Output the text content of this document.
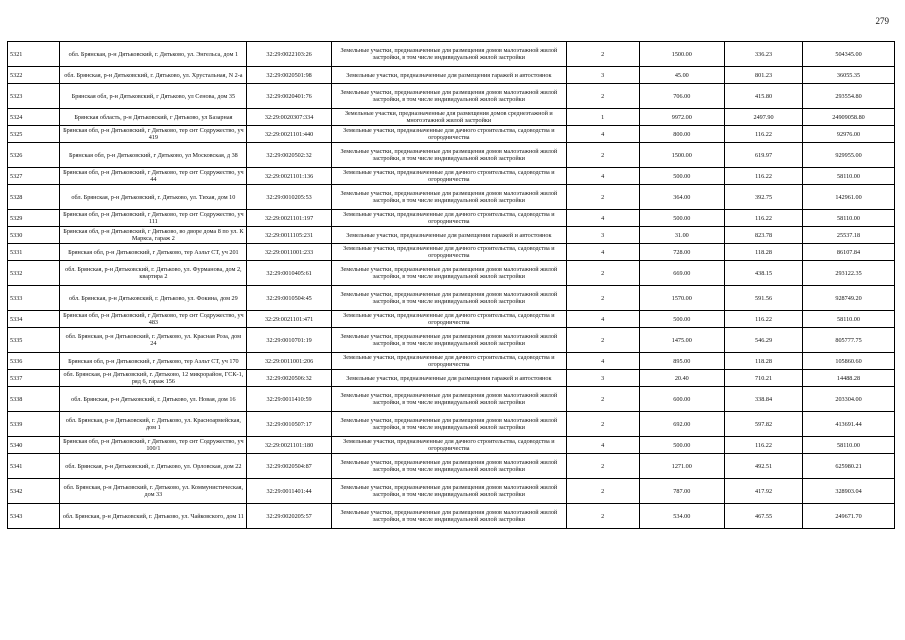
279
5321	обл. Брянская, р-н Дятьковский, г. Дятьково, ул. Энгельса, дом 1	32:29:0022103:26	Земельные участки, предназначенные для размещения домов малоэтажной жилой застройки, в том числе индивидуальной жилой застройки	2	1500.00	336.23	504345.00
5322	обл. Брянская, р-н Дятьковский, г. Дятьково, ул. Хрустальная, N 2-а	32:29:0020501:98	Земельные участки, предназначенные для размещения гаражей и автостоянок	3	45.00	801.23	36055.35
5323	Брянская обл, р-н Дятьковский, г Дятьково, ул Сенова, дом 35	32:29:0020401:76	Земельные участки, предназначенные для размещения домов малоэтажной жилой застройки, в том числе индивидуальной жилой застройки	2	706.00	415.80	293554.80
5324	Брянская область, р-н Дятьковский, г Дятьково, ул Базарная	32:29:0020307:334	Земельные участки, предназначенные для размещения домов среднеэтажной и многоэтажной жилой застройки	1	9972.00	2497.90	24909058.80
5325	Брянская обл, р-н Дятьковский, г Дятьково, тер снт Содружество, уч 419	32:29:0021101:440	Земельные участки, предназначенные для дачного строительства, садоводства и огородничества	4	800.00	116.22	92976.00
5326	Брянская обл, р-н Дятьковский, г Дятьково, ул Московская, д 38	32:29:0020502:32	Земельные участки, предназначенные для размещения домов малоэтажной жилой застройки, в том числе индивидуальной жилой застройки	2	1500.00	619.97	929955.00
5327	Брянская обл, р-н Дятьковский, г Дятьково, тер снт Содружество, уч 44	32:29:0021101:136	Земельные участки, предназначенные для дачного строительства, садоводства и огородничества	4	500.00	116.22	58110.00
5328	обл. Брянская, р-н Дятьковский, г. Дятьково, ул. Тихая, дом 10	32:29:0010205:53	Земельные участки, предназначенные для размещения домов малоэтажной жилой застройки, в том числе индивидуальной жилой застройки	2	364.00	392.75	142961.00
5329	Брянская обл, р-н Дятьковский, г Дятьково, тер снт Содружество, уч 111	32:29:0021101:197	Земельные участки, предназначенные для дачного строительства, садоводства и огородничества	4	500.00	116.22	58110.00
5330	Брянская обл, р-н Дятьковский, г Дятьково, во дворе дома 8 по ул. К Маркса, гараж 2	32:29:0011105:231	Земельные участки, предназначенные для размещения гаражей и автостоянок	3	31.00	823.78	25537.18
5331	Брянская обл, р-н Дятьковский, г Дятьково, тер Аэльт СТ, уч 201	32:29:0011001:233	Земельные участки, предназначенные для дачного строительства, садоводства и огородничества	4	728.00	118.28	86107.84
5332	обл. Брянская, р-н Дятьковский, г. Дятьково, ул. Фурманова, дом 2, квартира 2	32:29:0010405:61	Земельные участки, предназначенные для размещения домов малоэтажной жилой застройки, в том числе индивидуальной жилой застройки	2	669.00	438.15	293122.35
5333	обл. Брянская, р-н Дятьковский, г. Дятьково, ул. Фокина, дом 29	32:29:0010504:45	Земельные участки, предназначенные для размещения домов малоэтажной жилой застройки, в том числе индивидуальной жилой застройки	2	1570.00	591.56	928749.20
5334	Брянская обл, р-н Дятьковский, г Дятьково, тер снт Содружество, уч 483	32:29:0021101:471	Земельные участки, предназначенные для дачного строительства, садоводства и огородничества	4	500.00	116.22	58110.00
5335	обл. Брянская, р-н Дятьковский, г. Дятьково, ул. Красная Роза, дом 24	32:29:0010701:19	Земельные участки, предназначенные для размещения домов малоэтажной жилой застройки, в том числе индивидуальной жилой застройки	2	1475.00	546.29	805777.75
5336	Брянская обл, р-н Дятьковский, г Дятьково, тер Аэльт СТ, уч 170	32:29:0011001:206	Земельные участки, предназначенные для дачного строительства, садоводства и огородничества	4	895.00	118.28	105860.60
5337	обл. Брянская, р-н Дятьковский, г. Дятьково, 12 микрорайон, ГСК-1, ряд 6, гараж 156	32:29:0020506:32	Земельные участки, предназначенные для размещения гаражей и автостоянок	3	20.40	710.21	14488.28
5338	обл. Брянская, р-н Дятьковский, г. Дятьково, ул. Новая, дом 16	32:29:0011410:59	Земельные участки, предназначенные для размещения домов малоэтажной жилой застройки, в том числе индивидуальной жилой застройки	2	600.00	338.84	203304.00
5339	обл. Брянская, р-н Дятьковский, г. Дятьково, ул. Красноармейская, дом 1	32:29:0010507:17	Земельные участки, предназначенные для размещения домов малоэтажной жилой застройки, в том числе индивидуальной жилой застройки	2	692.00	597.82	413691.44
5340	Брянская обл, р-н Дятьковский, г Дятьково, тер снт Содружество, уч 100/1	32:29:0021101:180	Земельные участки, предназначенные для дачного строительства, садоводства и огородничества	4	500.00	116.22	58110.00
5341	обл. Брянская, р-н Дятьковский, г. Дятьково, ул. Орловская, дом 22	32:29:0020504:87	Земельные участки, предназначенные для размещения домов малоэтажной жилой застройки, в том числе индивидуальной жилой застройки	2	1271.00	492.51	625980.21
5342	обл. Брянская, р-н Дятьковский, г. Дятьково, ул. Коммунистическая, дом 33	32:29:0011401:44	Земельные участки, предназначенные для размещения домов малоэтажной жилой застройки, в том числе индивидуальной жилой застройки	2	787.00	417.92	328903.04
5343	обл. Брянская, р-н Дятьковский, г. Дятьково, ул. Чайковского, дом 11	32:29:0020205:57	Земельные участки, предназначенные для размещения домов малоэтажной жилой застройки, в том числе индивидуальной жилой застройки	2	534.00	467.55	249671.70
